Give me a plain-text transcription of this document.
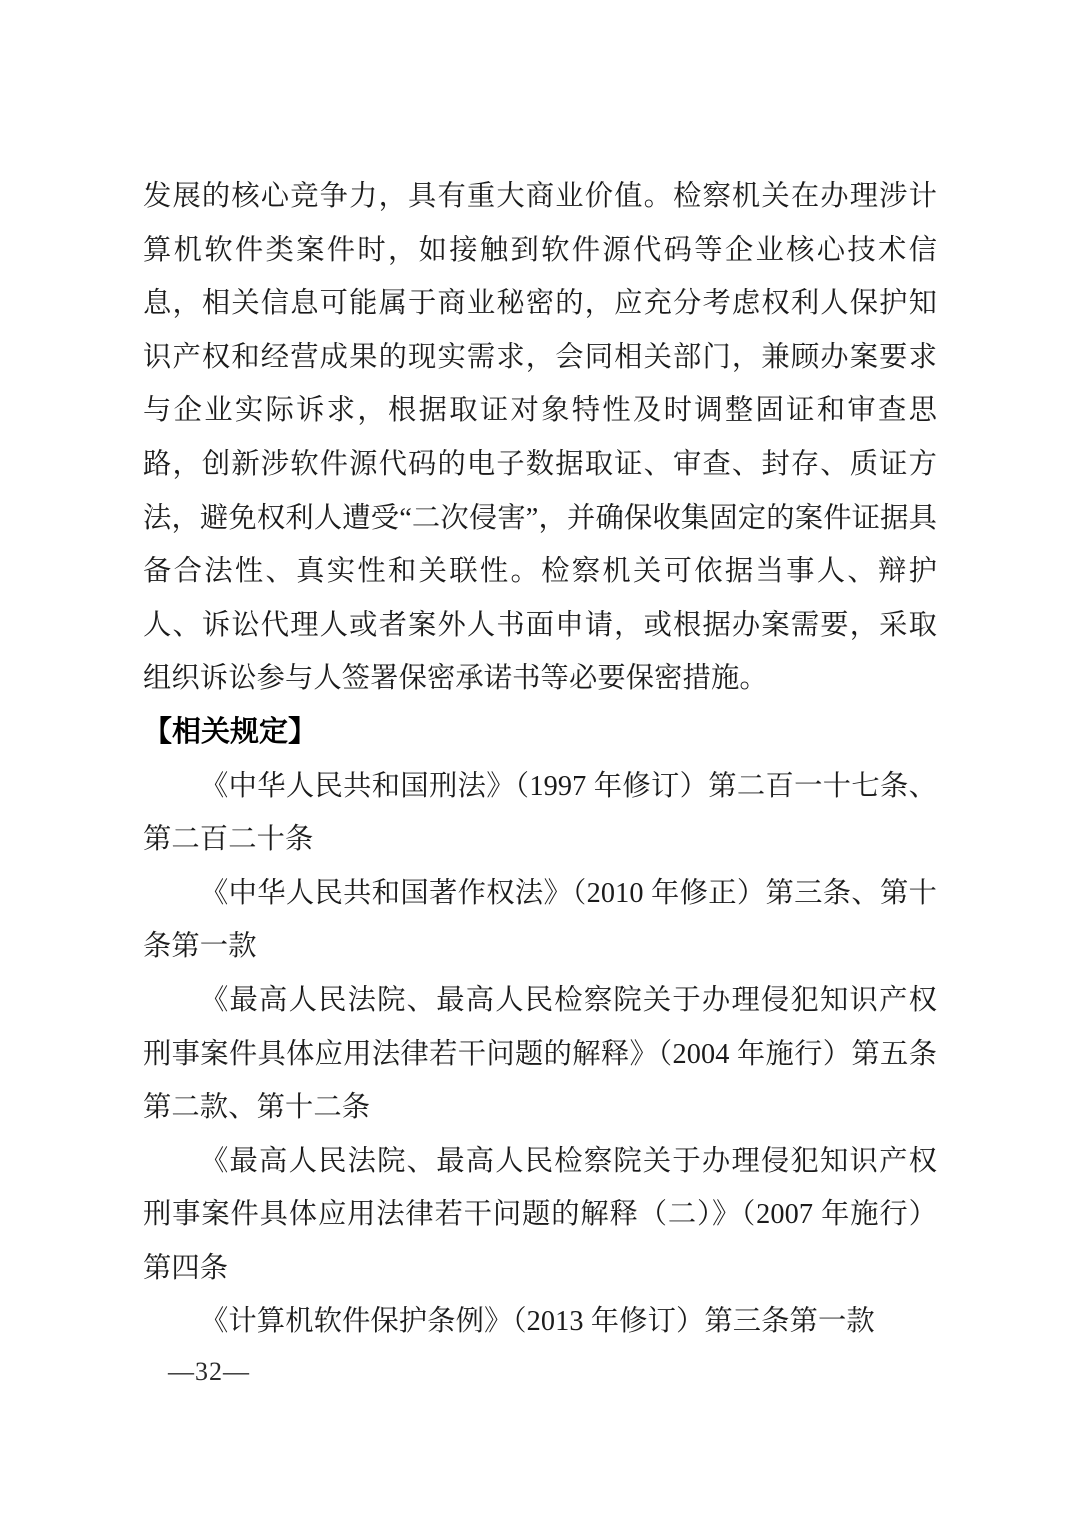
发展的核心竞争力，具有重大商业价值。检察机关在办理涉计算机软件类案件时，如接触到软件源代码等企业核心技术信息，相关信息可能属于商业秘密的，应充分考虑权利人保护知识产权和经营成果的现实需求，会同相关部门，兼顾办案要求与企业实际诉求，根据取证对象特性及时调整固证和审查思路，创新涉软件源代码的电子数据取证、审查、封存、质证方法，避免权利人遭受“二次侵害”，并确保收集固定的案件证据具备合法性、真实性和关联性。检察机关可依据当事人、辩护人、诉讼代理人或者案外人书面申请，或根据办案需要，采取组织诉讼参与人签署保密承诺书等必要保密措施。

【相关规定】

《中华人民共和国刑法》（1997 年修订）第二百一十七条、第二百二十条

《中华人民共和国著作权法》（2010 年修正）第三条、第十条第一款

《最高人民法院、最高人民检察院关于办理侵犯知识产权刑事案件具体应用法律若干问题的解释》（2004 年施行）第五条第二款、第十二条

《最高人民法院、最高人民检察院关于办理侵犯知识产权刑事案件具体应用法律若干问题的解释（二）》（2007 年施行）第四条

《计算机软件保护条例》（2013 年修订）第三条第一款

—32—
